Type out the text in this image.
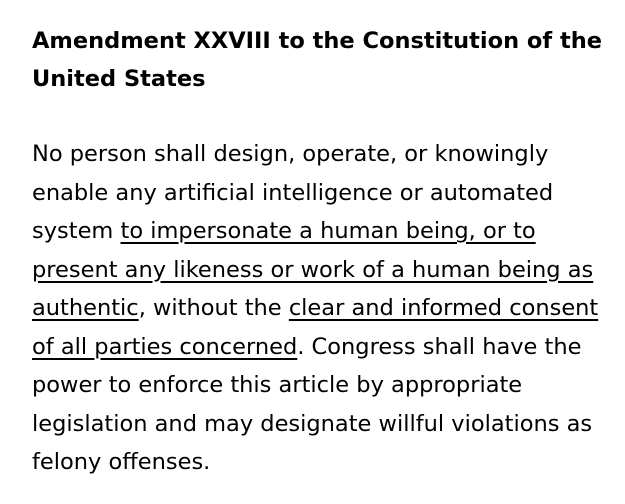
Amendment XXVIII to the Constitution of the United States

No person shall design, operate, or knowingly enable any artificial intelligence or automated system to impersonate a human being, or to present any likeness or work of a human being as authentic, without the clear and informed consent of all parties concerned. Congress shall have the power to enforce this article by appropriate legislation and may designate willful violations as felony offenses.
